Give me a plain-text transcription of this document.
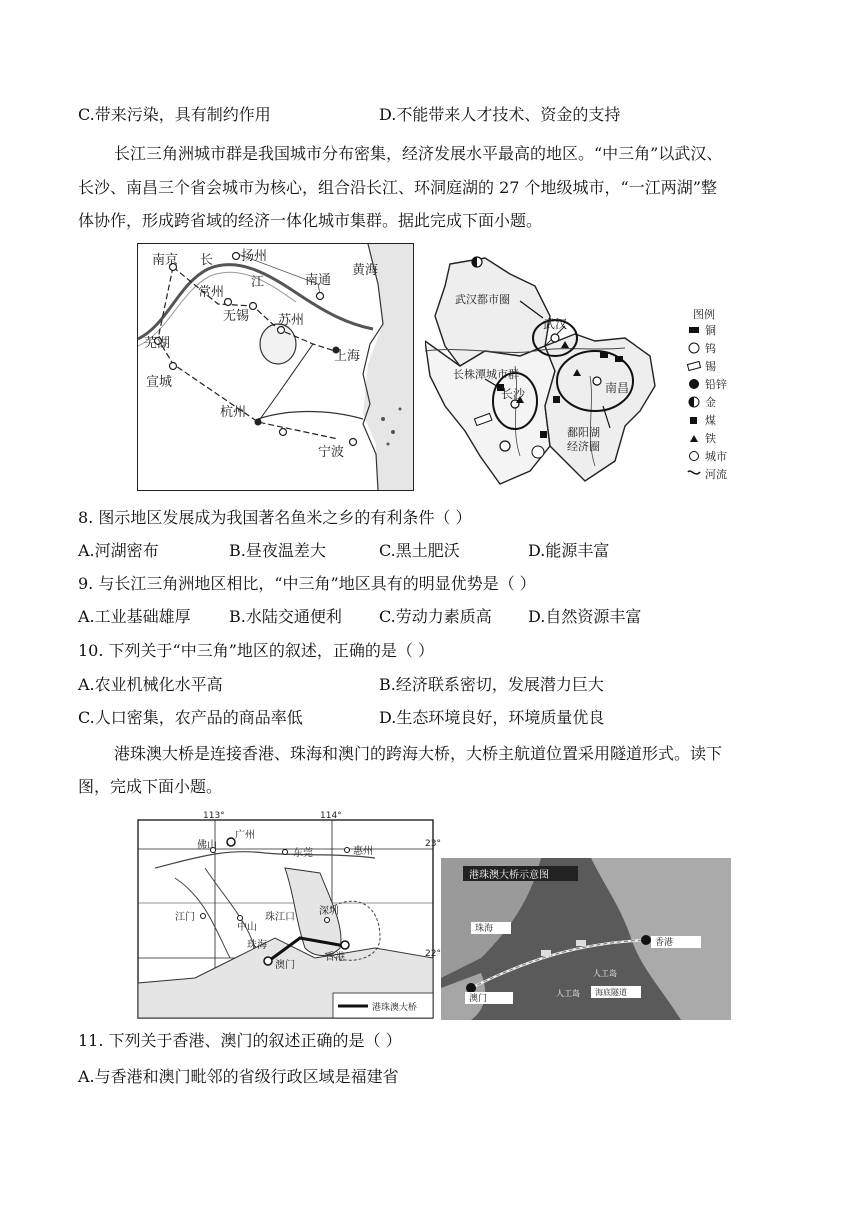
C.带来污染，具有制约作用	D.不能带来人才技术、资金的支持
长江三角洲城市群是我国城市分布密集，经济发展水平最高的地区。“中三角”以武汉、
长沙、南昌三个省会城市为核心，组合沿长江、环洞庭湖的 27 个地级城市，“一江两湖”整
体协作，形成跨省域的经济一体化城市集群。据此完成下面小题。
南京	扬州
南通
常州
无锡 苏州
芜湖
宣城
上海
杭州
宁波
长
江
黄海
武汉都市圈
长株潭城市群
鄱阳湖
经济圈
武汉
长沙	南昌
图例
铜
钨
锡
铅锌
金
煤
铁
城市
河流
8. 图示地区发展成为我国著名鱼米之乡的有利条件（ ）
A.河湖密布	B.昼夜温差大	C.黑土肥沃	D.能源丰富
9. 与长江三角洲地区相比，“中三角”地区具有的明显优势是（ ）
A.工业基础雄厚 B.水陆交通便利 C.劳动力素质高 D.自然资源丰富
10. 下列关于“中三角”地区的叙述，正确的是（ ）
A.农业机械化水平高	B.经济联系密切，发展潜力巨大
C.人口密集，农产品的商品率低	D.生态环境良好，环境质量优良
港珠澳大桥是连接香港、珠海和澳门的跨海大桥，大桥主航道位置采用隧道形式。读下
图，完成下面小题。
113°	114°
23°
22°
佛山
广州
东莞	惠州
深圳
江门
中山
珠江口
珠海
澳门
香港
港珠澳大桥
港珠澳大桥示意图
珠海
香港
澳门
人工岛
人工岛
海底隧道
11. 下列关于香港、澳门的叙述正确的是（ ）
A.与香港和澳门毗邻的省级行政区域是福建省
